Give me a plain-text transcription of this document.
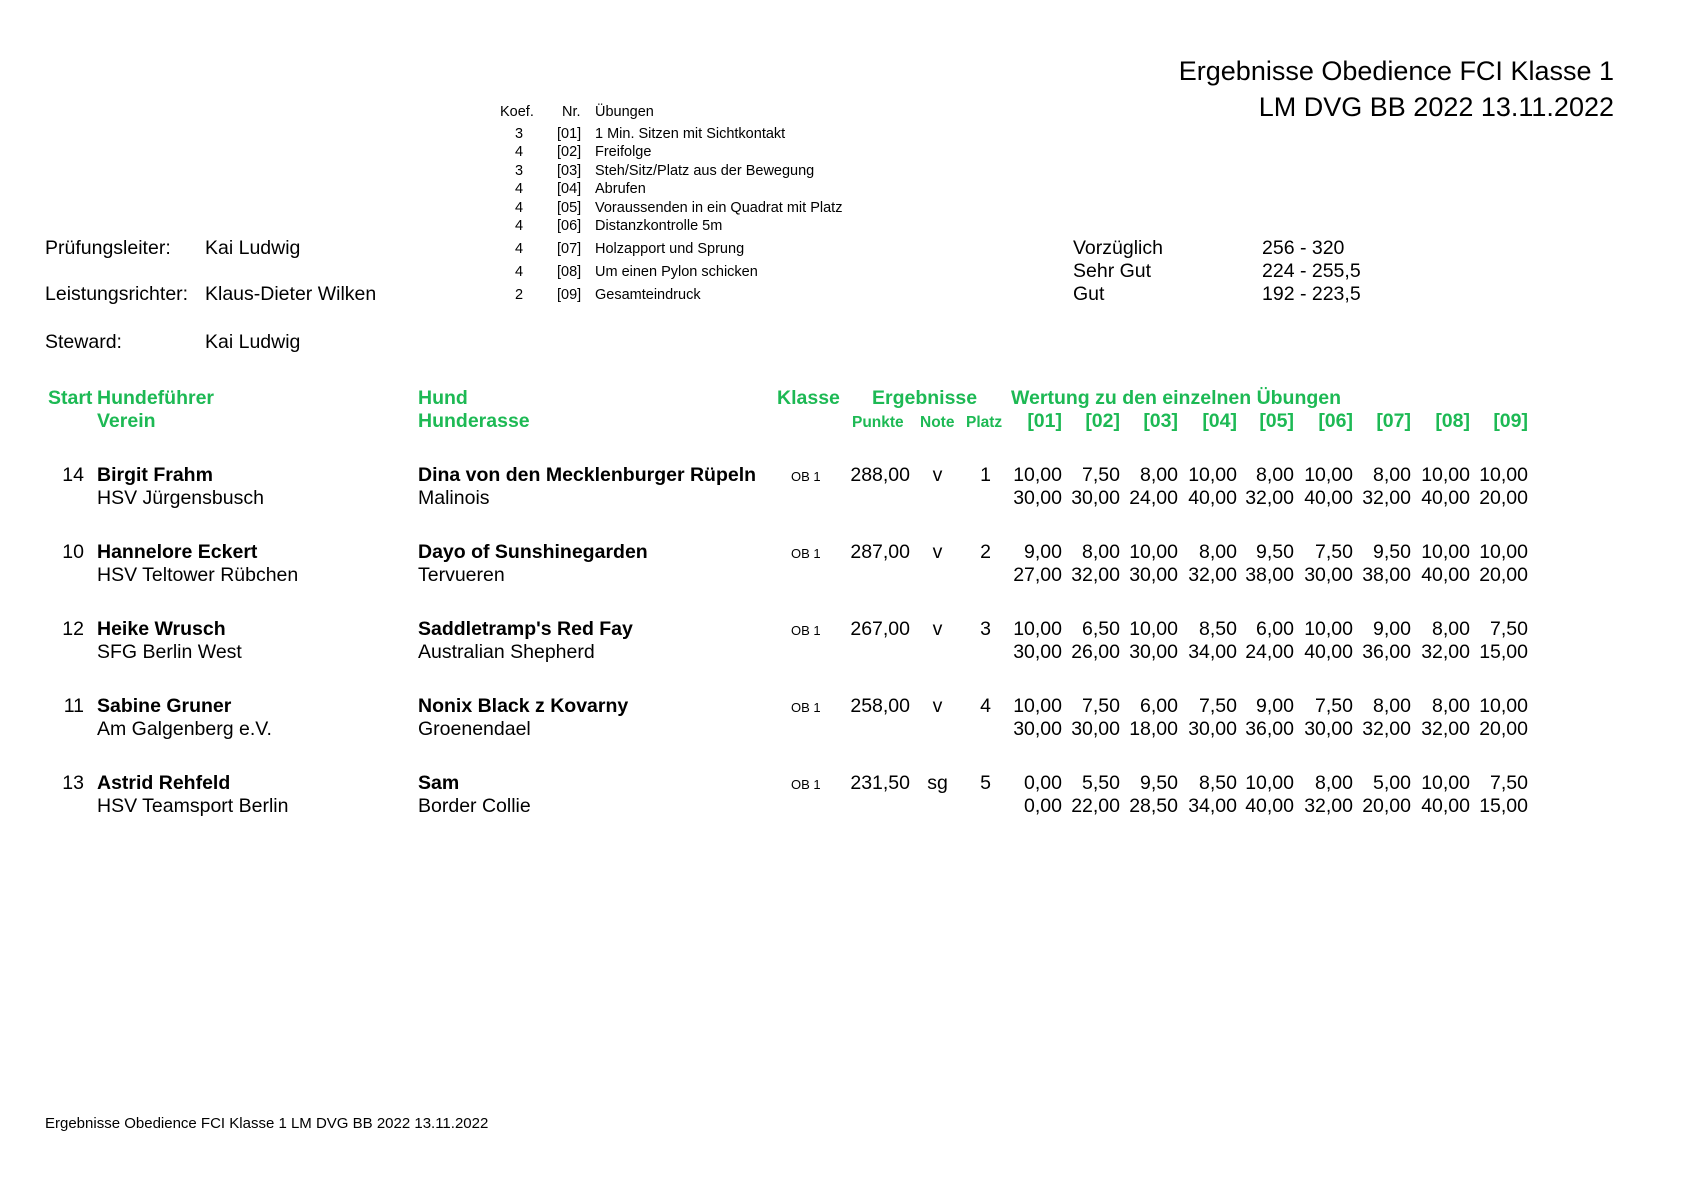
Ergebnisse Obedience FCI Klasse 1
LM DVG BB 2022 13.11.2022
Koef. Nr. Übungen
3 [01] 1 Min. Sitzen mit Sichtkontakt
4 [02] Freifolge
3 [03] Steh/Sitz/Platz aus der Bewegung
4 [04] Abrufen
4 [05] Voraussenden in ein Quadrat mit Platz
4 [06] Distanzkontrolle 5m
4 [07] Holzapport und Sprung
4 [08] Um einen Pylon schicken
2 [09] Gesamteindruck
Prüfungsleiter: Kai Ludwig
Leistungsrichter: Klaus-Dieter Wilken
Steward:	Kai Ludwig
Vorzüglich	256 - 320
Sehr Gut	224 - 255,5
Gut	192 - 223,5
Start Hundeführer
Verein
Hund
Hunderasse
Klasse Ergebnisse
Punkte Note Platz
Wertung zu den einzelnen Übungen
[01]	[02]	[03]	[04]	[05]	[06]	[07]	[08]	[09]
14 Birgit Frahm
HSV Jürgensbusch
Dina von den Mecklenburger Rüpeln
Malinois
OB 1	288,00	v	1	10,00	7,50	8,00 10,00 8,00 10,00	8,00 10,00 10,00
30,00 30,00 24,00 40,00 32,00 40,00 32,00 40,00 20,00
10 Hannelore Eckert
HSV Teltower Rübchen
Dayo of Sunshinegarden
Tervueren
OB 1	287,00	v	2	9,00	8,00 10,00	8,00 9,50	7,50	9,50 10,00 10,00
27,00 32,00 30,00 32,00 38,00 30,00 38,00 40,00 20,00
12 Heike Wrusch
SFG Berlin West
Saddletramp's Red Fay
Australian Shepherd
OB 1	267,00	v	3	10,00	6,50 10,00	8,50 6,00 10,00	9,00	8,00	7,50
30,00 26,00 30,00 34,00 24,00 40,00 36,00 32,00 15,00
11 Sabine Gruner
Am Galgenberg e.V.
Nonix Black z Kovarny
Groenendael
OB 1	258,00	v	4	10,00	7,50	6,00	7,50 9,00	7,50	8,00	8,00 10,00
30,00 30,00 18,00 30,00 36,00 30,00 32,00 32,00 20,00
13 Astrid Rehfeld
HSV Teamsport Berlin
Sam
Border Collie
OB 1	231,50 sg	5	0,00	5,50	9,50	8,50 10,00	8,00	5,00 10,00	7,50
0,00 22,00 28,50 34,00 40,00 32,00 20,00 40,00 15,00
Ergebnisse Obedience FCI Klasse 1 LM DVG BB 2022 13.11.2022
